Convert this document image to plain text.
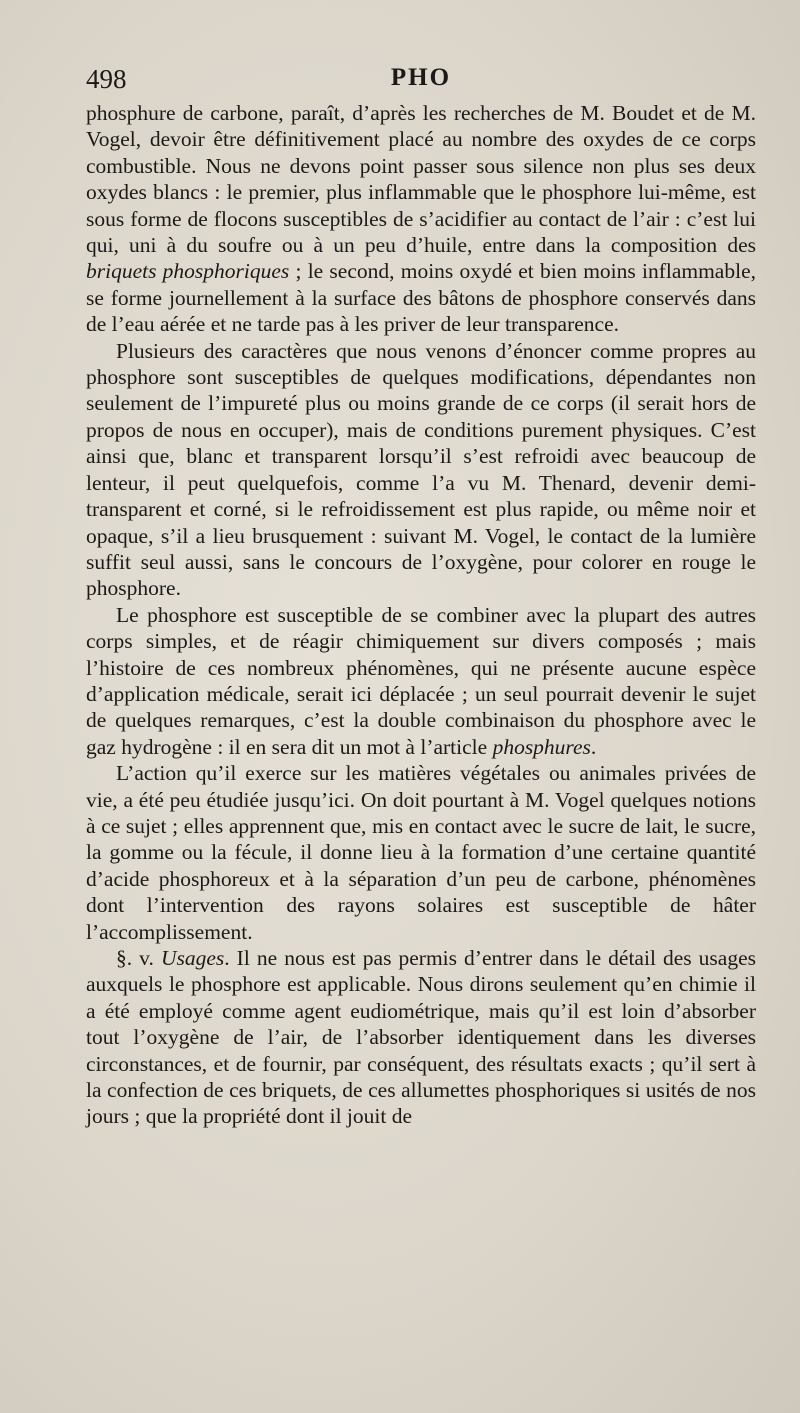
498	PHO

phosphure de carbone, paraît, d’après les recherches de M. Boudet et de M. Vogel, devoir être définitivement placé au nombre des oxydes de ce corps combustible. Nous ne devons point passer sous silence non plus ses deux oxydes blancs : le premier, plus inflammable que le phosphore lui-même, est sous forme de flocons susceptibles de s’acidifier au contact de l’air : c’est lui qui, uni à du soufre ou à un peu d’huile, entre dans la composition des briquets phosphoriques ; le second, moins oxydé et bien moins inflammable, se forme journellement à la surface des bâtons de phosphore conservés dans de l’eau aérée et ne tarde pas à les priver de leur transparence.

Plusieurs des caractères que nous venons d’énoncer comme propres au phosphore sont susceptibles de quelques modifications, dépendantes non seulement de l’impureté plus ou moins grande de ce corps (il serait hors de propos de nous en occuper), mais de conditions purement physiques. C’est ainsi que, blanc et transparent lorsqu’il s’est refroidi avec beaucoup de lenteur, il peut quelquefois, comme l’a vu M. Thenard, devenir demi-transparent et corné, si le refroidissement est plus rapide, ou même noir et opaque, s’il a lieu brusquement : suivant M. Vogel, le contact de la lumière suffit seul aussi, sans le concours de l’oxygène, pour colorer en rouge le phosphore.

Le phosphore est susceptible de se combiner avec la plupart des autres corps simples, et de réagir chimiquement sur divers composés ; mais l’histoire de ces nombreux phénomènes, qui ne présente aucune espèce d’application médicale, serait ici déplacée ; un seul pourrait devenir le sujet de quelques remarques, c’est la double combinaison du phosphore avec le gaz hydrogène : il en sera dit un mot à l’article phosphures.

L’action qu’il exerce sur les matières végétales ou animales privées de vie, a été peu étudiée jusqu’ici. On doit pourtant à M. Vogel quelques notions à ce sujet ; elles apprennent que, mis en contact avec le sucre de lait, le sucre, la gomme ou la fécule, il donne lieu à la formation d’une certaine quantité d’acide phosphoreux et à la séparation d’un peu de carbone, phénomènes dont l’intervention des rayons solaires est susceptible de hâter l’accomplissement.

§. v. Usages. Il ne nous est pas permis d’entrer dans le détail des usages auxquels le phosphore est applicable. Nous dirons seulement qu’en chimie il a été employé comme agent eudiométrique, mais qu’il est loin d’absorber tout l’oxygène de l’air, de l’absorber identiquement dans les diverses circonstances, et de fournir, par conséquent, des résultats exacts ; qu’il sert à la confection de ces briquets, de ces allumettes phosphoriques si usités de nos jours ; que la propriété dont il jouit de
